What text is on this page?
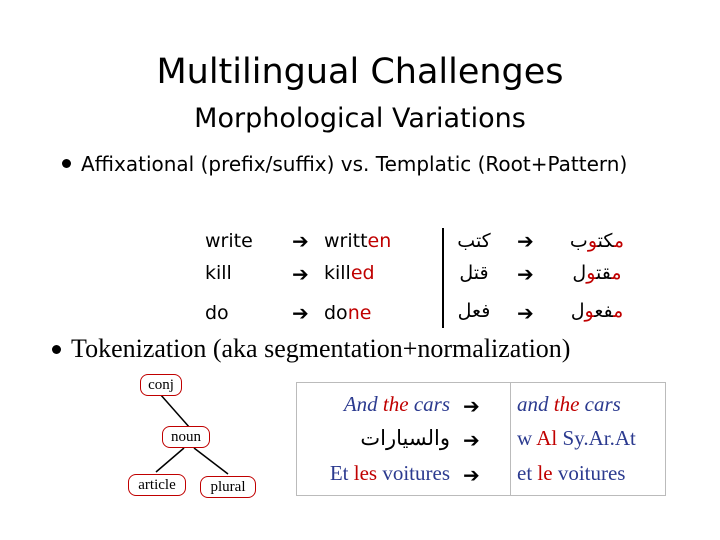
Multilingual Challenges
Morphological Variations
Affixational (prefix/suffix) vs. Templatic (Root+Pattern)
write
kill
do
➔
➔
➔
written
killed
done
كتب
قتل
فعل
➔
➔
➔
مكتوب
مقتول
مفعول
Tokenization (aka segmentation+normalization)
conj
noun
article	plural
And the cars
والسيارات
Et les voitures
➔
➔
➔
and the cars
w Al Sy.Ar.At
et le voitures
